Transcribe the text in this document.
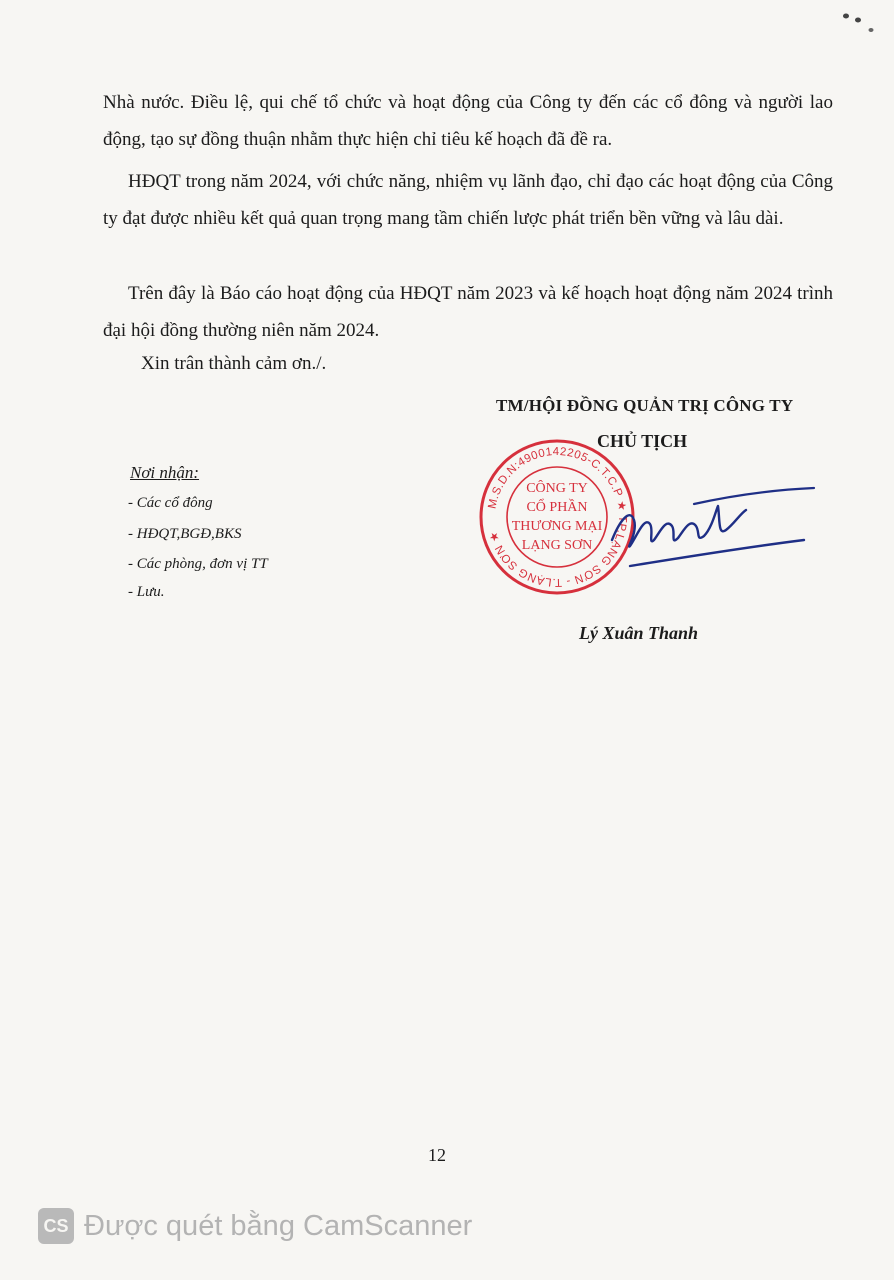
Nhà nước. Điều lệ, qui chế tổ chức và hoạt động của Công ty đến các cổ đông và người lao động, tạo sự đồng thuận nhằm thực hiện chỉ tiêu kế hoạch đã đề ra.

HĐQT trong năm 2024, với chức năng, nhiệm vụ lãnh đạo, chỉ đạo các hoạt động của Công ty đạt được nhiều kết quả quan trọng mang tầm chiến lược phát triển bền vững và lâu dài.

Trên đây là Báo cáo hoạt động của HĐQT năm 2023 và kế hoạch hoạt động năm 2024 trình đại hội đồng thường niên năm 2024.

Xin trân thành cảm ơn./.

TM/HỘI ĐỒNG QUẢN TRỊ CÔNG TY
M.S.D.N:4900142205-C.T.C.P ★ TP.LẠNG SƠN - T.LẠNG SƠN ★
CÔNG TY
CỔ PHẦN
THƯƠNG MẠI
LẠNG SƠN
CHỦ TỊCH
Nơi nhận:
- Các cổ đông
- HĐQT,BGĐ,BKS
- Các phòng, đơn vị TT
- Lưu.
Lý Xuân Thanh
12
CS Được quét bằng CamScanner
